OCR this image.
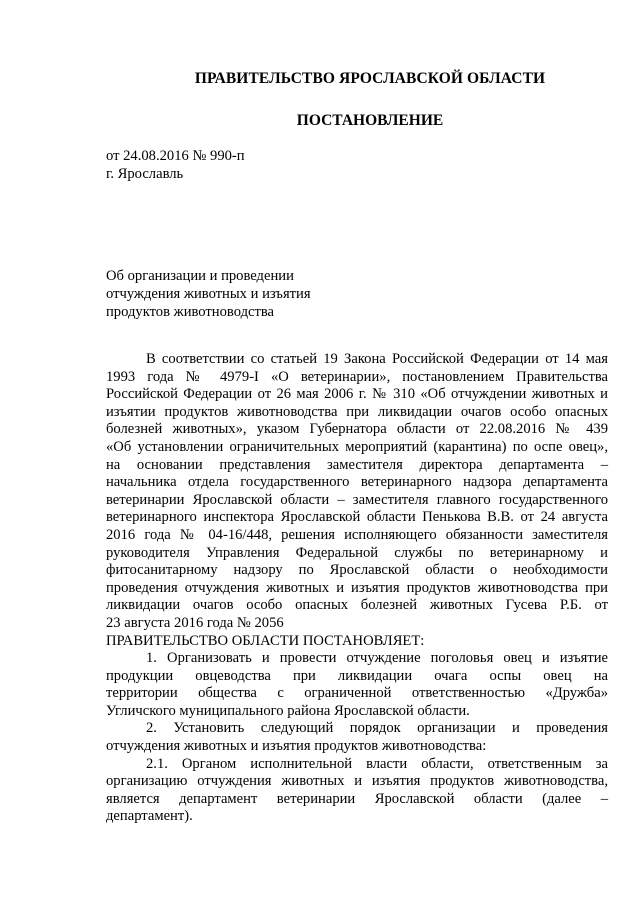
ПРАВИТЕЛЬСТВО ЯРОСЛАВСКОЙ ОБЛАСТИ
ПОСТАНОВЛЕНИЕ
от 24.08.2016 № 990-п
г. Ярославль
Об организации и проведении
отчуждения животных и изъятия
продуктов животноводства
В соответствии со статьей 19 Закона Российской Федерации от 14 мая
1993 года № 4979-I «О ветеринарии», постановлением Правительства
Российской Федерации от 26 мая 2006 г. № 310 «Об отчуждении животных и
изъятии продуктов животноводства при ликвидации очагов особо опасных
болезней животных», указом Губернатора области от 22.08.2016 № 439
«Об установлении ограничительных мероприятий (карантина) по оспе овец»,
на основании представления заместителя директора департамента –
начальника отдела государственного ветеринарного надзора департамента
ветеринарии Ярославской области – заместителя главного государственного
ветеринарного инспектора Ярославской области Пенькова В.В. от 24 августа
2016 года № 04-16/448, решения исполняющего обязанности заместителя
руководителя Управления Федеральной службы по ветеринарному и
фитосанитарному надзору по Ярославской области о необходимости
проведения отчуждения животных и изъятия продуктов животноводства при
ликвидации очагов особо опасных болезней животных Гусева Р.Б. от
23 августа 2016 года № 2056
ПРАВИТЕЛЬСТВО ОБЛАСТИ ПОСТАНОВЛЯЕТ:
1. Организовать и провести отчуждение поголовья овец и изъятие
продукции овцеводства при ликвидации очага оспы овец на
территории общества с ограниченной ответственностью «Дружба»
Угличского муниципального района Ярославской области.
2. Установить следующий порядок организации и проведения
отчуждения животных и изъятия продуктов животноводства:
2.1. Органом исполнительной власти области, ответственным за
организацию отчуждения животных и изъятия продуктов животноводства,
является департамент ветеринарии Ярославской области (далее –
департамент).
